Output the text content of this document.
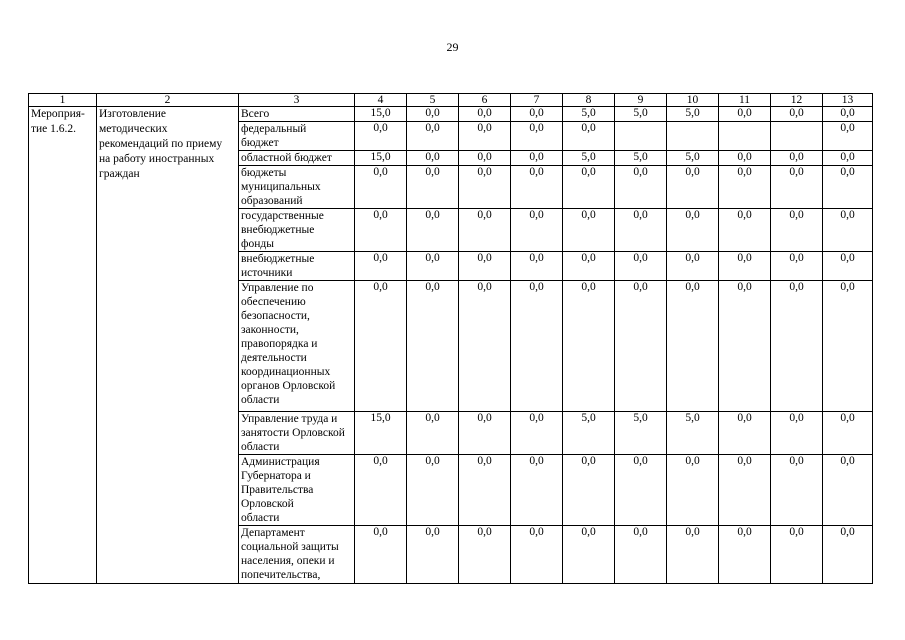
29
1	2	3	4	5	6	7	8	9	10	11	12	13
Мероприя-тие 1.6.2.	Изготовление методических рекомендаций по приему на работу иностранных граждан	Всего	15,0	0,0	0,0	0,0	5,0	5,0	5,0	0,0	0,0	0,0

		федеральный бюджет	0,0	0,0	0,0	0,0	0,0					0,0

		областной бюджет	15,0	0,0	0,0	0,0	5,0	5,0	5,0	0,0	0,0	0,0

		бюджеты муниципальных образований	0,0	0,0	0,0	0,0	0,0	0,0	0,0	0,0	0,0	0,0

		государственные внебюджетные фонды	0,0	0,0	0,0	0,0	0,0	0,0	0,0	0,0	0,0	0,0

		внебюджетные источники	0,0	0,0	0,0	0,0	0,0	0,0	0,0	0,0	0,0	0,0

		Управление по обеспечению безопасности, законности, правопорядка и деятельности координационных органов Орловской области	0,0	0,0	0,0	0,0	0,0	0,0	0,0	0,0	0,0	0,0

		Управление труда и занятости Орловской области	15,0	0,0	0,0	0,0	5,0	5,0	5,0	0,0	0,0	0,0

		Администрация Губернатора и Правительства Орловской области	0,0	0,0	0,0	0,0	0,0	0,0	0,0	0,0	0,0	0,0

		Департамент социальной защиты населения, опеки и попечительства,	0,0	0,0	0,0	0,0	0,0	0,0	0,0	0,0	0,0	0,0
